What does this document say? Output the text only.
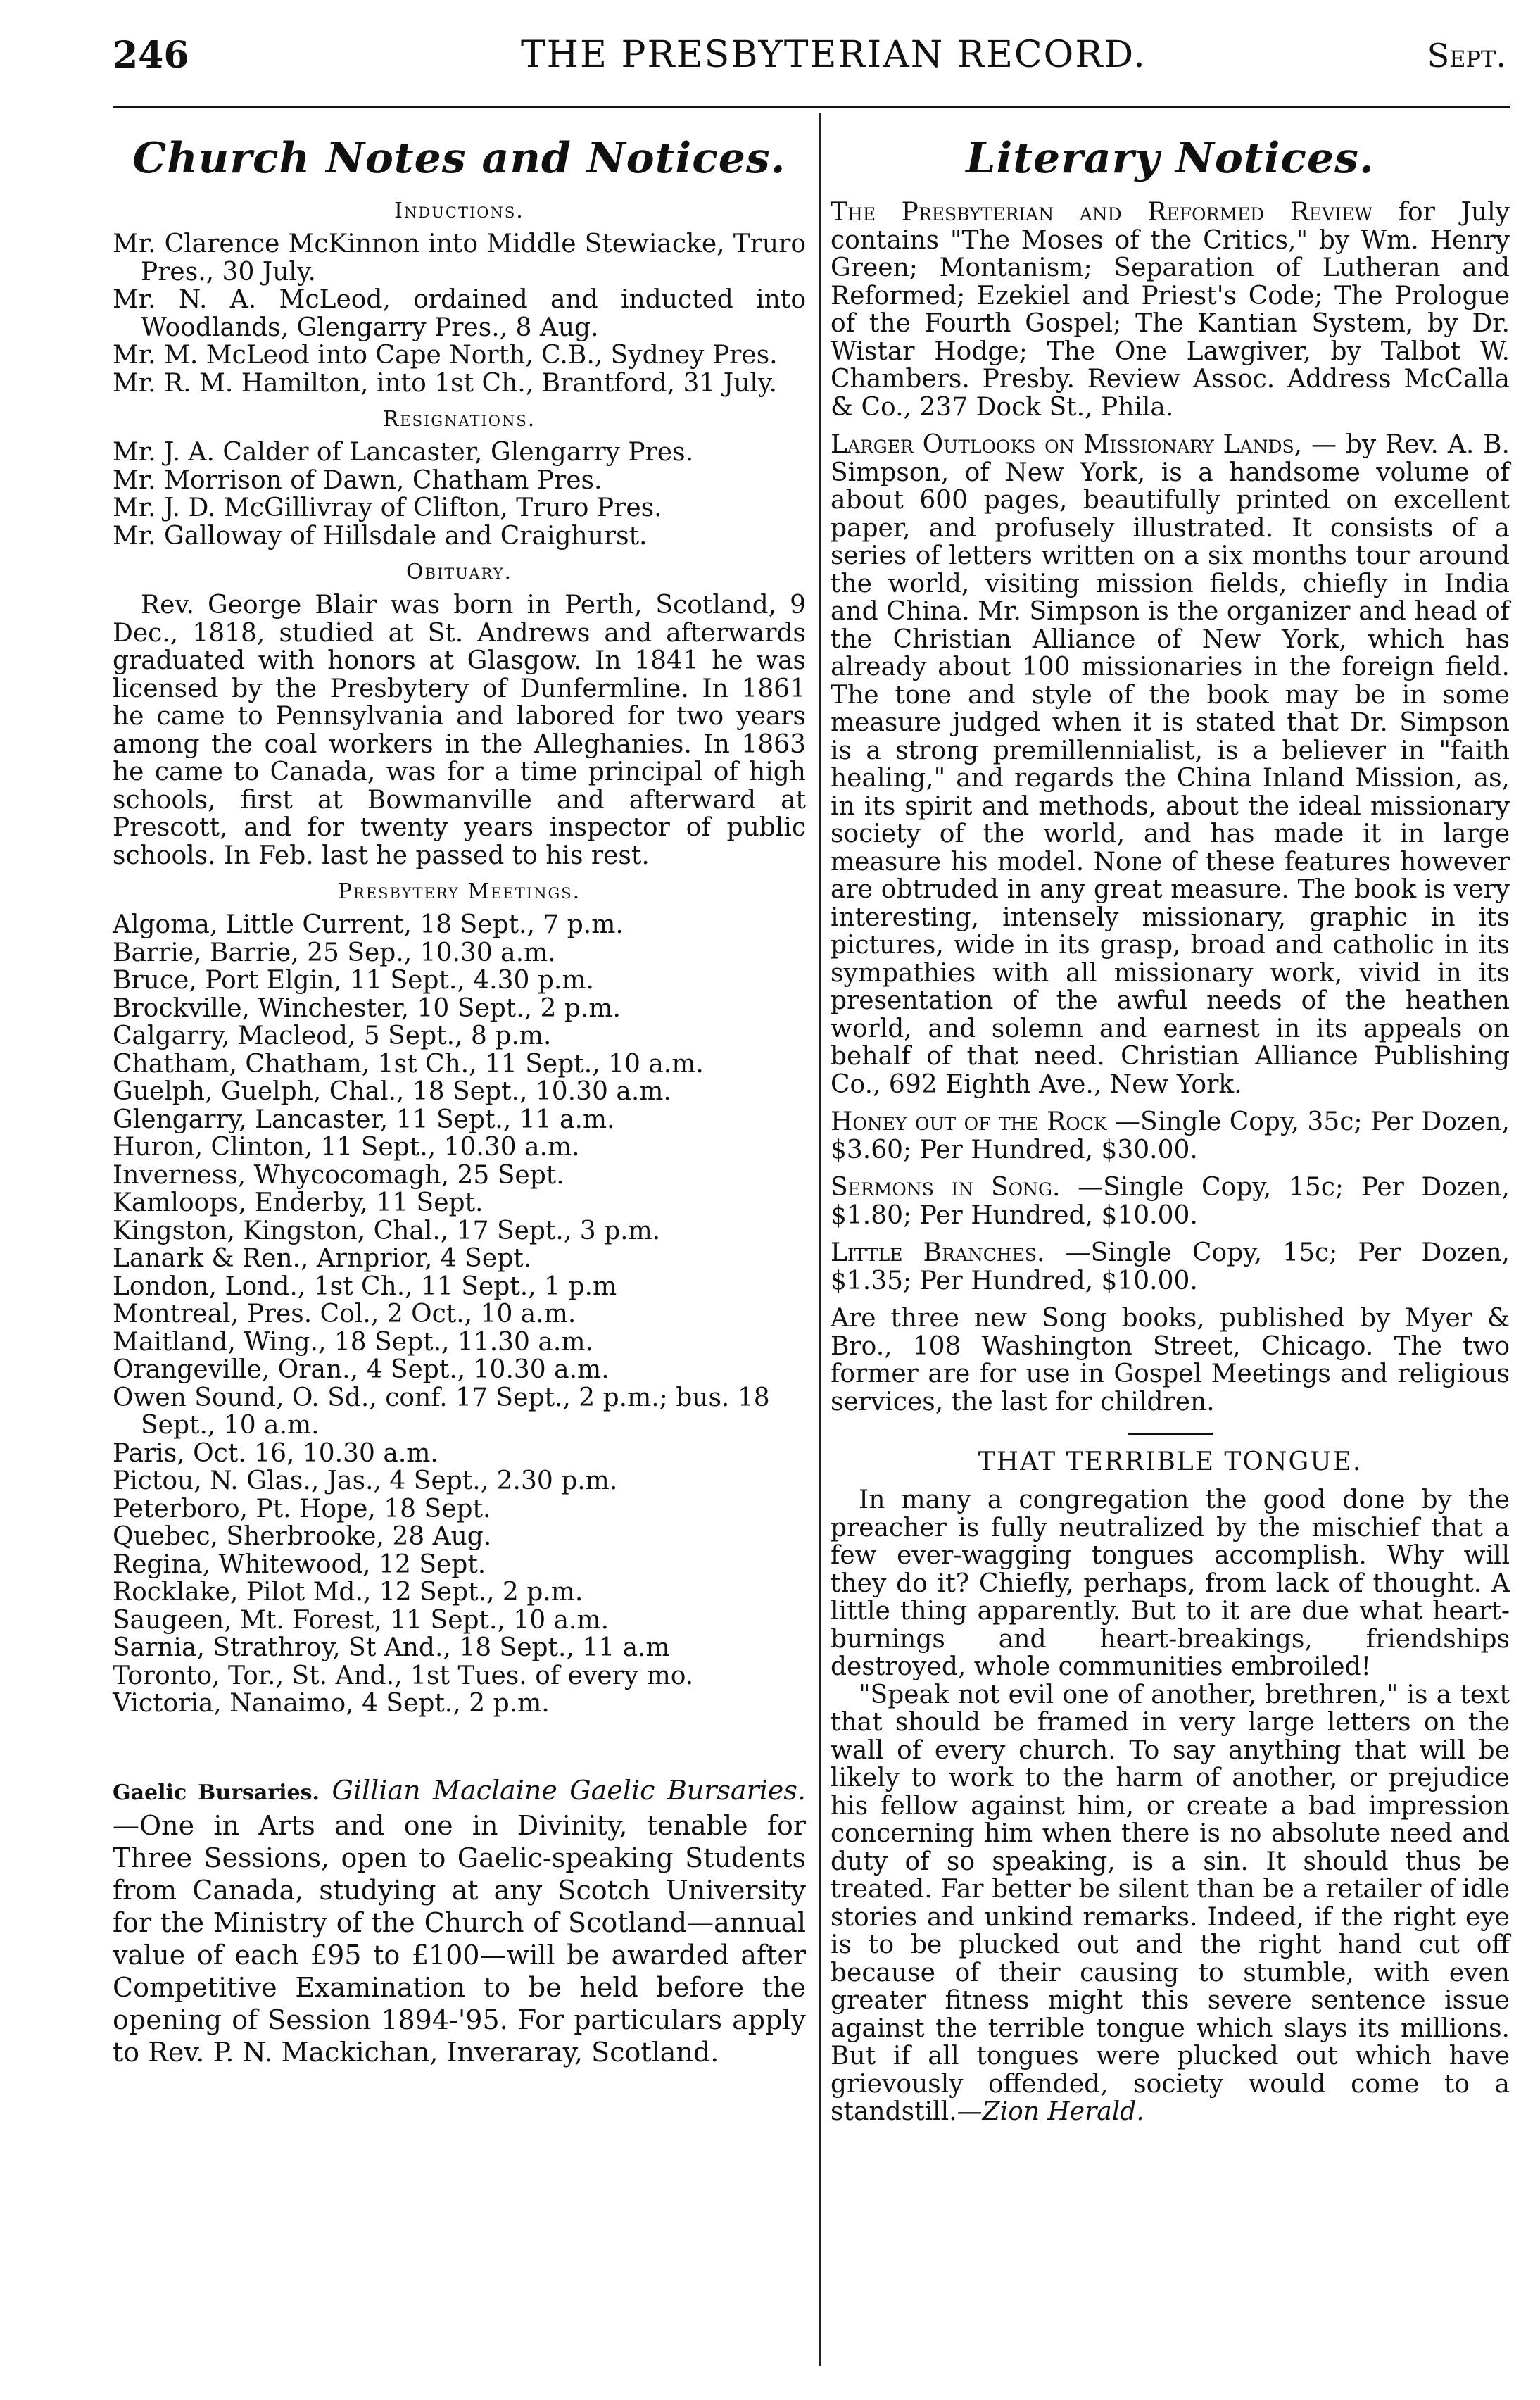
246	THE PRESBYTERIAN RECORD.	Sept.
Church Notes and Notices.
Inductions.

Mr. Clarence McKinnon into Middle Stewiacke, Truro Pres., 30 July.

Mr. N. A. McLeod, ordained and inducted into Woodlands, Glengarry Pres., 8 Aug.

Mr. M. McLeod into Cape North, C.B., Sydney Pres.

Mr. R. M. Hamilton, into 1st Ch., Brantford, 31 July.

Resignations.

Mr. J. A. Calder of Lancaster, Glengarry Pres.

Mr. Morrison of Dawn, Chatham Pres.

Mr. J. D. McGillivray of Clifton, Truro Pres.

Mr. Galloway of Hillsdale and Craighurst.

Obituary.

Rev. George Blair was born in Perth, Scotland, 9 Dec., 1818, studied at St. Andrews and afterwards graduated with honors at Glasgow. In 1841 he was licensed by the Presbytery of Dunfermline. In 1861 he came to Pennsylvania and labored for two years among the coal workers in the Alleghanies. In 1863 he came to Canada, was for a time principal of high schools, first at Bowmanville and afterward at Prescott, and for twenty years inspector of public schools. In Feb. last he passed to his rest.

Presbytery Meetings.
Algoma, Little Current, 18 Sept., 7 p.m.
Barrie, Barrie, 25 Sep., 10.30 a.m.
Bruce, Port Elgin, 11 Sept., 4.30 p.m.
Brockville, Winchester, 10 Sept., 2 p.m.
Calgarry, Macleod, 5 Sept., 8 p.m.
Chatham, Chatham, 1st Ch., 11 Sept., 10 a.m.
Guelph, Guelph, Chal., 18 Sept., 10.30 a.m.
Glengarry, Lancaster, 11 Sept., 11 a.m.
Huron, Clinton, 11 Sept., 10.30 a.m.
Inverness, Whycocomagh, 25 Sept.
Kamloops, Enderby, 11 Sept.
Kingston, Kingston, Chal., 17 Sept., 3 p.m.
Lanark & Ren., Arnprior, 4 Sept.
London, Lond., 1st Ch., 11 Sept., 1 p.m
Montreal, Pres. Col., 2 Oct., 10 a.m.
Maitland, Wing., 18 Sept., 11.30 a.m.
Orangeville, Oran., 4 Sept., 10.30 a.m.
Owen Sound, O. Sd., conf. 17 Sept., 2 p.m.; bus. 18 Sept., 10 a.m.
Paris, Oct. 16, 10.30 a.m.
Pictou, N. Glas., Jas., 4 Sept., 2.30 p.m.
Peterboro, Pt. Hope, 18 Sept.
Quebec, Sherbrooke, 28 Aug.
Regina, Whitewood, 12 Sept.
Rocklake, Pilot Md., 12 Sept., 2 p.m.
Saugeen, Mt. Forest, 11 Sept., 10 a.m.
Sarnia, Strathroy, St And., 18 Sept., 11 a.m
Toronto, Tor., St. And., 1st Tues. of every mo.
Victoria, Nanaimo, 4 Sept., 2 p.m.
Gaelic Bursaries. Gillian Maclaine Gaelic Bursaries. —One in Arts and one in Divinity, tenable for Three Sessions, open to Gaelic-speaking Students from Canada, studying at any Scotch University for the Ministry of the Church of Scotland—annual value of each £95 to £100—will be awarded after Competitive Examination to be held before the opening of Session 1894-'95. For particulars apply to Rev. P. N. Mackichan, Inveraray, Scotland.
Literary Notices.
The Presbyterian and Reformed Review for July contains "The Moses of the Critics," by Wm. Henry Green; Montanism; Separation of Lutheran and Reformed; Ezekiel and Priest's Code; The Prologue of the Fourth Gospel; The Kantian System, by Dr. Wistar Hodge; The One Lawgiver, by Talbot W. Chambers. Presby. Review Assoc. Address McCalla & Co., 237 Dock St., Phila.
Larger Outlooks on Missionary Lands, — by Rev. A. B. Simpson, of New York, is a handsome volume of about 600 pages, beautifully printed on excellent paper, and profusely illustrated. It consists of a series of letters written on a six months tour around the world, visiting mission fields, chiefly in India and China. Mr. Simpson is the organizer and head of the Christian Alliance of New York, which has already about 100 missionaries in the foreign field. The tone and style of the book may be in some measure judged when it is stated that Dr. Simpson is a strong premillennialist, is a believer in "faith healing," and regards the China Inland Mission, as, in its spirit and methods, about the ideal missionary society of the world, and has made it in large measure his model. None of these features however are obtruded in any great measure. The book is very interesting, intensely missionary, graphic in its pictures, wide in its grasp, broad and catholic in its sympathies with all missionary work, vivid in its presentation of the awful needs of the heathen world, and solemn and earnest in its appeals on behalf of that need. Christian Alliance Publishing Co., 692 Eighth Ave., New York.
Honey out of the Rock —Single Copy, 35c; Per Dozen, $3.60; Per Hundred, $30.00.
Sermons in Song. —Single Copy, 15c; Per Dozen, $1.80; Per Hundred, $10.00.
Little Branches. —Single Copy, 15c; Per Dozen, $1.35; Per Hundred, $10.00.
Are three new Song books, published by Myer & Bro., 108 Washington Street, Chicago. The two former are for use in Gospel Meetings and religious services, the last for children.
THAT TERRIBLE TONGUE.

In many a congregation the good done by the preacher is fully neutralized by the mischief that a few ever-wagging tongues accomplish. Why will they do it? Chiefly, perhaps, from lack of thought. A little thing apparently. But to it are due what heart-burnings and heart-breakings, friendships destroyed, whole communities embroiled!

"Speak not evil one of another, brethren," is a text that should be framed in very large letters on the wall of every church. To say anything that will be likely to work to the harm of another, or prejudice his fellow against him, or create a bad impression concerning him when there is no absolute need and duty of so speaking, is a sin. It should thus be treated. Far better be silent than be a retailer of idle stories and unkind remarks. Indeed, if the right eye is to be plucked out and the right hand cut off because of their causing to stumble, with even greater fitness might this severe sentence issue against the terrible tongue which slays its millions. But if all tongues were plucked out which have grievously offended, society would come to a standstill.—Zion Herald.
